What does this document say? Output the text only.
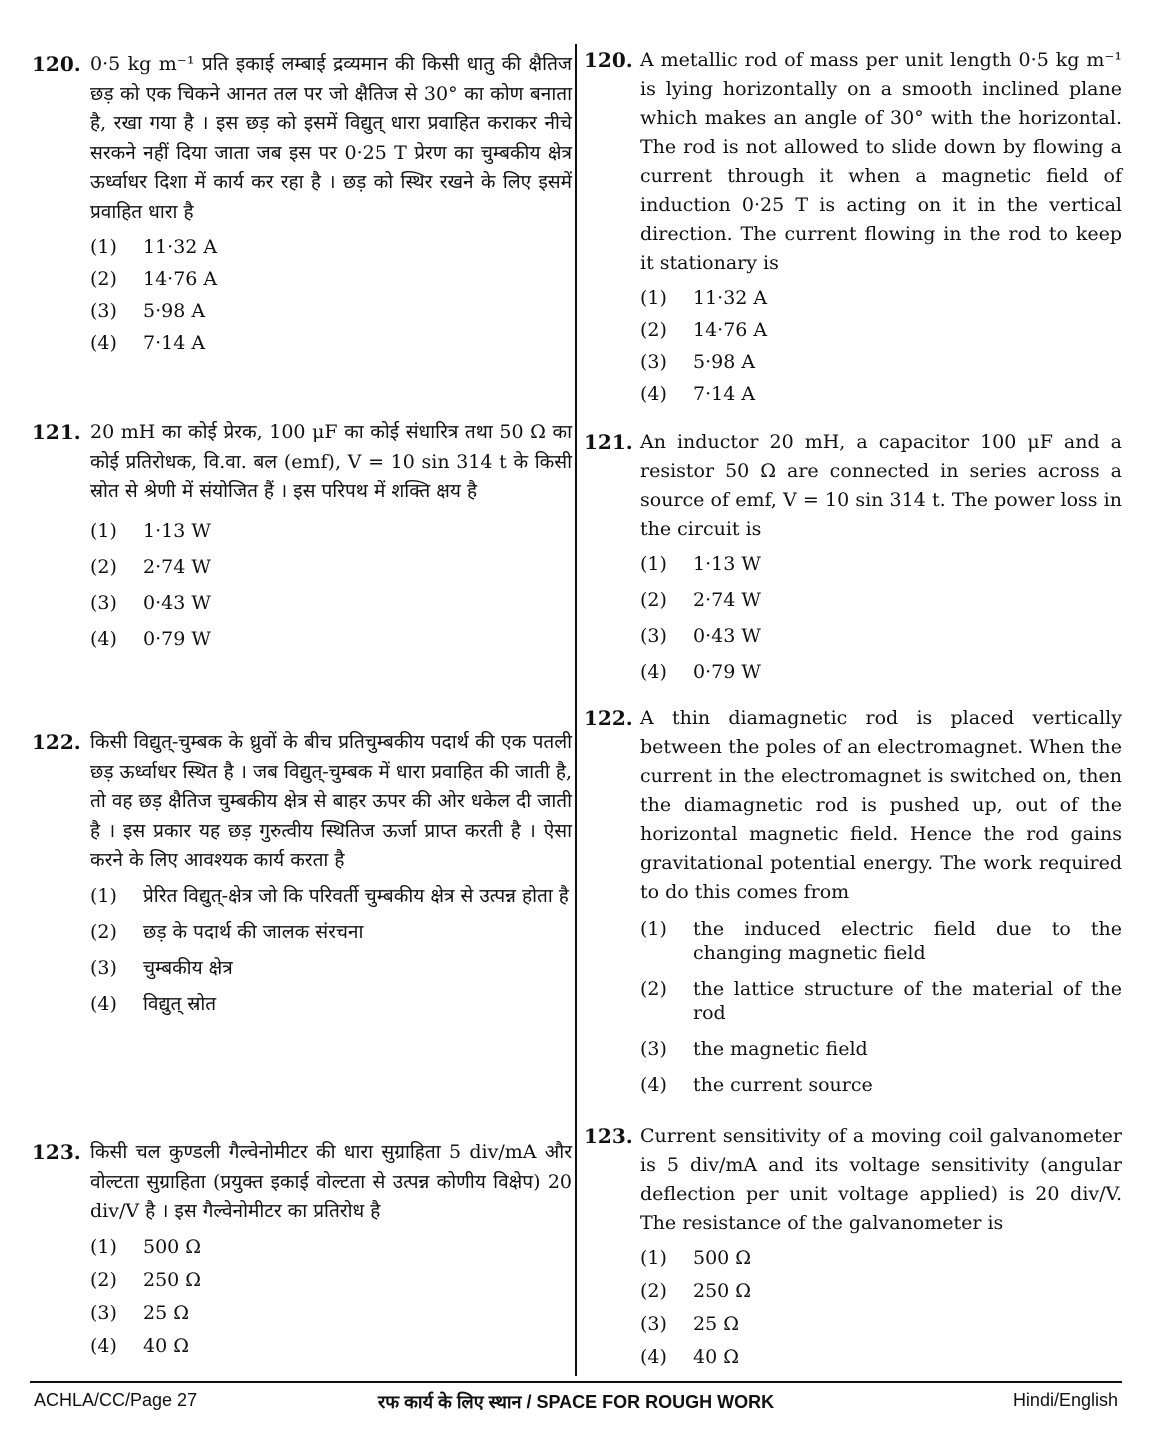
120. 0·5 kg m⁻¹ प्रति इकाई लम्बाई द्रव्यमान की किसी धातु की क्षैतिज छड़ को एक चिकने आनत तल पर जो क्षैतिज से 30° का कोण बनाता है, रखा गया है । इस छड़ को इसमें विद्युत् धारा प्रवाहित कराकर नीचे सरकने नहीं दिया जाता जब इस पर 0·25 T प्रेरण का चुम्बकीय क्षेत्र ऊर्ध्वाधर दिशा में कार्य कर रहा है । छड़ को स्थिर रखने के लिए इसमें प्रवाहित धारा है
(1)	11·32 A
(2)	14·76 A
(3)	5·98 A
(4)	7·14 A
121. 20 mH का कोई प्रेरक, 100 μF का कोई संधारित्र तथा 50 Ω का कोई प्रतिरोधक, वि.वा. बल (emf), V = 10 sin 314 t के किसी स्रोत से श्रेणी में संयोजित हैं । इस परिपथ में शक्ति क्षय है
(1)	1·13 W
(2)	2·74 W
(3)	0·43 W
(4)	0·79 W
122. किसी विद्युत्-चुम्बक के ध्रुवों के बीच प्रतिचुम्बकीय पदार्थ की एक पतली छड़ ऊर्ध्वाधर स्थित है । जब विद्युत्-चुम्बक में धारा प्रवाहित की जाती है, तो वह छड़ क्षैतिज चुम्बकीय क्षेत्र से बाहर ऊपर की ओर धकेल दी जाती है । इस प्रकार यह छड़ गुरुत्वीय स्थितिज ऊर्जा प्राप्त करती है । ऐसा करने के लिए आवश्यक कार्य करता है
(1)	प्रेरित विद्युत्-क्षेत्र जो कि परिवर्ती चुम्बकीय क्षेत्र से उत्पन्न होता है
(2)	छड़ के पदार्थ की जालक संरचना
(3)	चुम्बकीय क्षेत्र
(4)	विद्युत् स्रोत
123. किसी चल कुण्डली गैल्वेनोमीटर की धारा सुग्राहिता 5 div/mA और वोल्टता सुग्राहिता (प्रयुक्त इकाई वोल्टता से उत्पन्न कोणीय विक्षेप) 20 div/V है । इस गैल्वेनोमीटर का प्रतिरोध है
(1)	500 Ω
(2)	250 Ω
(3)	25 Ω
(4)	40 Ω
120. A metallic rod of mass per unit length 0·5 kg m⁻¹ is lying horizontally on a smooth inclined plane which makes an angle of 30° with the horizontal. The rod is not allowed to slide down by flowing a current through it when a magnetic field of induction 0·25 T is acting on it in the vertical direction. The current flowing in the rod to keep it stationary is
(1)	11·32 A
(2)	14·76 A
(3)	5·98 A
(4)	7·14 A
121. An inductor 20 mH, a capacitor 100 μF and a resistor 50 Ω are connected in series across a source of emf, V = 10 sin 314 t. The power loss in the circuit is
(1)	1·13 W
(2)	2·74 W
(3)	0·43 W
(4)	0·79 W
122. A thin diamagnetic rod is placed vertically between the poles of an electromagnet. When the current in the electromagnet is switched on, then the diamagnetic rod is pushed up, out of the horizontal magnetic field. Hence the rod gains gravitational potential energy. The work required to do this comes from
(1)	the induced electric field due to the changing magnetic field
(2)	the lattice structure of the material of the rod
(3)	the magnetic field
(4)	the current source
123. Current sensitivity of a moving coil galvanometer is 5 div/mA and its voltage sensitivity (angular deflection per unit voltage applied) is 20 div/V. The resistance of the galvanometer is
(1)	500 Ω
(2)	250 Ω
(3)	25 Ω
(4)	40 Ω
ACHLA/CC/Page 27	रफ कार्य के लिए स्थान / SPACE FOR ROUGH WORK	Hindi/English
